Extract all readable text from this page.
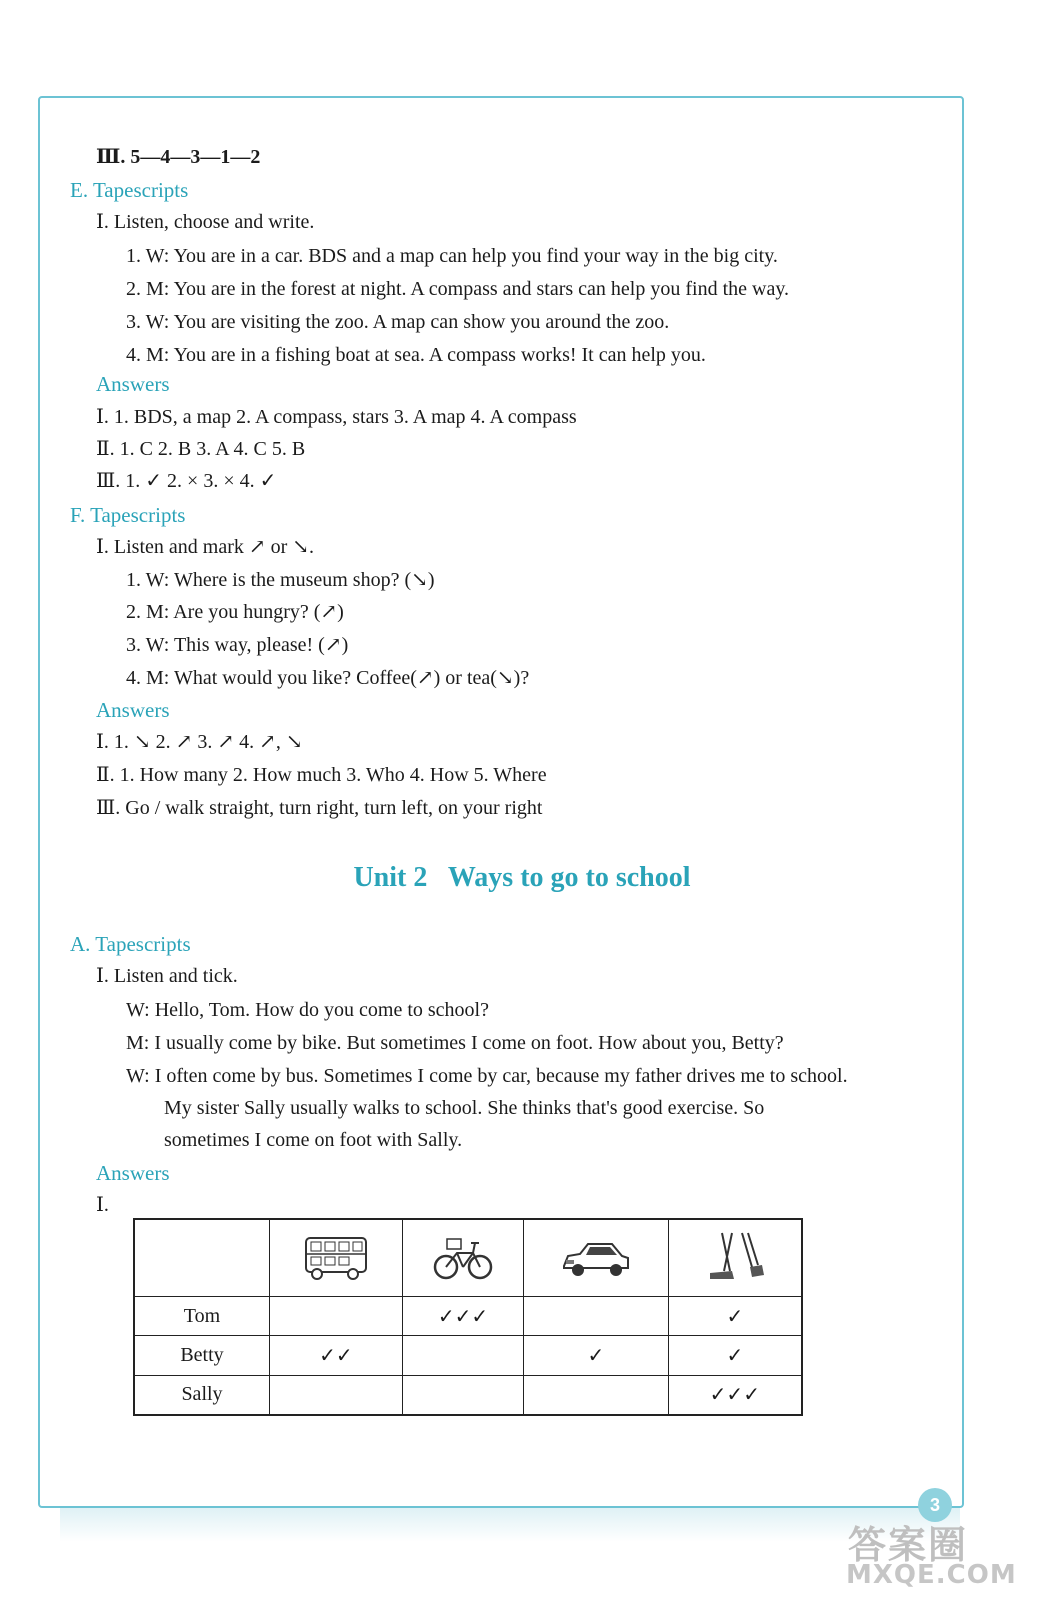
3
Ⅲ. 5—4—3—1—2
E. Tapescripts
Ⅰ. Listen, choose and write.
1. W: You are in a car. BDS and a map can help you find your way in the big city.
2. M: You are in the forest at night. A compass and stars can help you find the way.
3. W: You are visiting the zoo. A map can show you around the zoo.
4. M: You are in a fishing boat at sea. A compass works! It can help you.
Answers
Ⅰ. 1. BDS, a map 2. A compass, stars 3. A map 4. A compass
Ⅱ. 1. C 2. B 3. A 4. C 5. B
Ⅲ. 1. ✓ 2. × 3. × 4. ✓
F. Tapescripts
Ⅰ. Listen and mark ↗ or ↘.
1. W: Where is the museum shop? (↘)
2. M: Are you hungry? (↗)
3. W: This way, please! (↗)
4. M: What would you like? Coffee(↗) or tea(↘)?
Answers
Ⅰ. 1. ↘ 2. ↗ 3. ↗ 4. ↗, ↘
Ⅱ. 1. How many 2. How much 3. Who 4. How 5. Where
Ⅲ. Go / walk straight, turn right, turn left, on your right
Unit 2   Ways to go to school
A. Tapescripts
Ⅰ. Listen and tick.
W: Hello, Tom. How do you come to school?
M: I usually come by bike. But sometimes I come on foot. How about you, Betty?
W: I often come by bus. Sometimes I come by car, because my father drives me to school.
My sister Sally usually walks to school. She thinks that's good exercise. So
sometimes I come on foot with Sally.
Answers
Ⅰ.

Tom		✓✓✓		✓
Betty	✓✓		✓	✓
Sally				✓✓✓
答案圈
MXQE.COM
